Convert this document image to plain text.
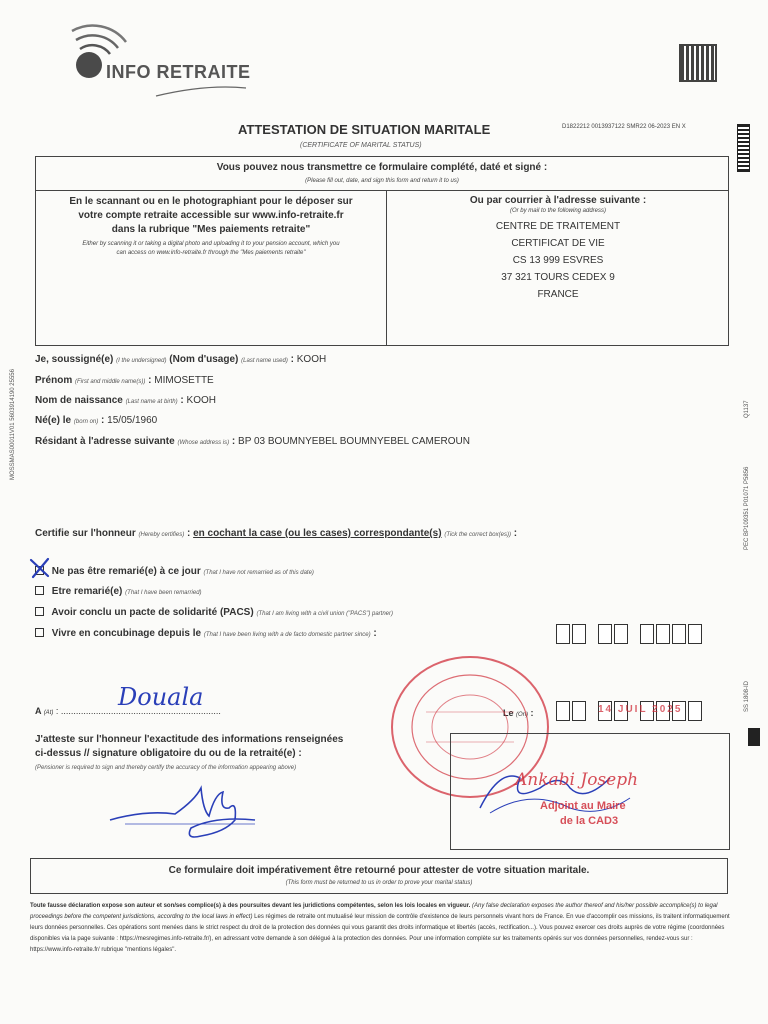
INFO RETRAITE
ATTESTATION DE SITUATION MARITALE
(CERTIFICATE OF MARITAL STATUS)
D1822212 0013937122 SMR22 06-2023 EN X
Vous pouvez nous transmettre ce formulaire complété, daté et signé :
(Please fill out, date, and sign this form and return it to us)
En le scannant ou en le photographiant pour le déposer sur
votre compte retraite accessible sur www.info-retraite.fr
dans la rubrique "Mes paiements retraite"
Either by scanning it or taking a digital photo and uploading it to your pension account, which you
can access on www.info-retraite.fr through the "Mes paiements retraite"
Ou par courrier à l'adresse suivante :
(Or by mail to the following address)
CENTRE DE TRAITEMENT
CERTIFICAT DE VIE
CS 13 999 ESVRES
37 321 TOURS CEDEX 9
FRANCE
Je, soussigné(e) (I the undersigned) (Nom d'usage) (Last name used) : KOOH
Prénom (First and middle name(s)) : MIMOSETTE
Nom de naissance (Last name at birth) : KOOH
Né(e) le (born on) : 15/05/1960
Résidant à l'adresse suivante (Whose address is) : BP 03 BOUMNYEBEL BOUMNYEBEL CAMEROUN
Certifie sur l'honneur (Hereby certifies) : en cochant la case (ou les cases) correspondante(s) (Tick the correct box(es)) :
Ne pas être remarié(e) à ce jour (That I have not remarried as of this date)
Etre remarié(e) (That I have been remarried)
Avoir conclu un pacte de solidarité (PACS) (That I am living with a civil union ("PACS") partner)
Vivre en concubinage depuis le (That I have been living with a de facto domestic partner since) :
A (At) : ................................................................
Douala
Le (On) :	14 JUIL 2025
J'atteste sur l'honneur l'exactitude des informations renseignées
ci-dessus // signature obligatoire du ou de la retraité(e) :
(Pensioner is required to sign and thereby certify the accuracy of the information appearing above)
Ankabi Joseph
Adjoint au Maire
de la CAD3
Ce formulaire doit impérativement être retourné pour attester de votre situation maritale.
(This form must be returned to us in order to prove your marital status)
Toute fausse déclaration expose son auteur et son/ses complice(s) à des poursuites devant les juridictions compétentes, selon les lois locales en vigueur. (Any false declaration exposes the author thereof and his/her possible accomplice(s) to legal proceedings before the competent jurisdictions, according to the local laws in effect) Les régimes de retraite ont mutualisé leur mission de contrôle d'existence de leurs personnels vivant hors de France. En vue d'accomplir ces missions, ils traitent informatiquement leurs données personnelles. Ces opérations sont menées dans le strict respect du droit de la protection des données qui vous garantit des droits informatique et libertés (accès, rectification...). Vous pouvez exercer ces droits auprès de votre régime (coordonnées disponibles via la page suivante : https://mesregimes.info-retraite.fr/), en adressant votre demande à son délégué à la protection des données. Pour une information complète sur les traitements opérés sur vos données personnelles, rendez-vous sur : https://www.info-retraite.fr/ rubrique "mentions légales".
MOSSMAS00011V01 5603914190 25556	Q1137
PEC BP109351 P01071 P5856
SS 1808-ID
